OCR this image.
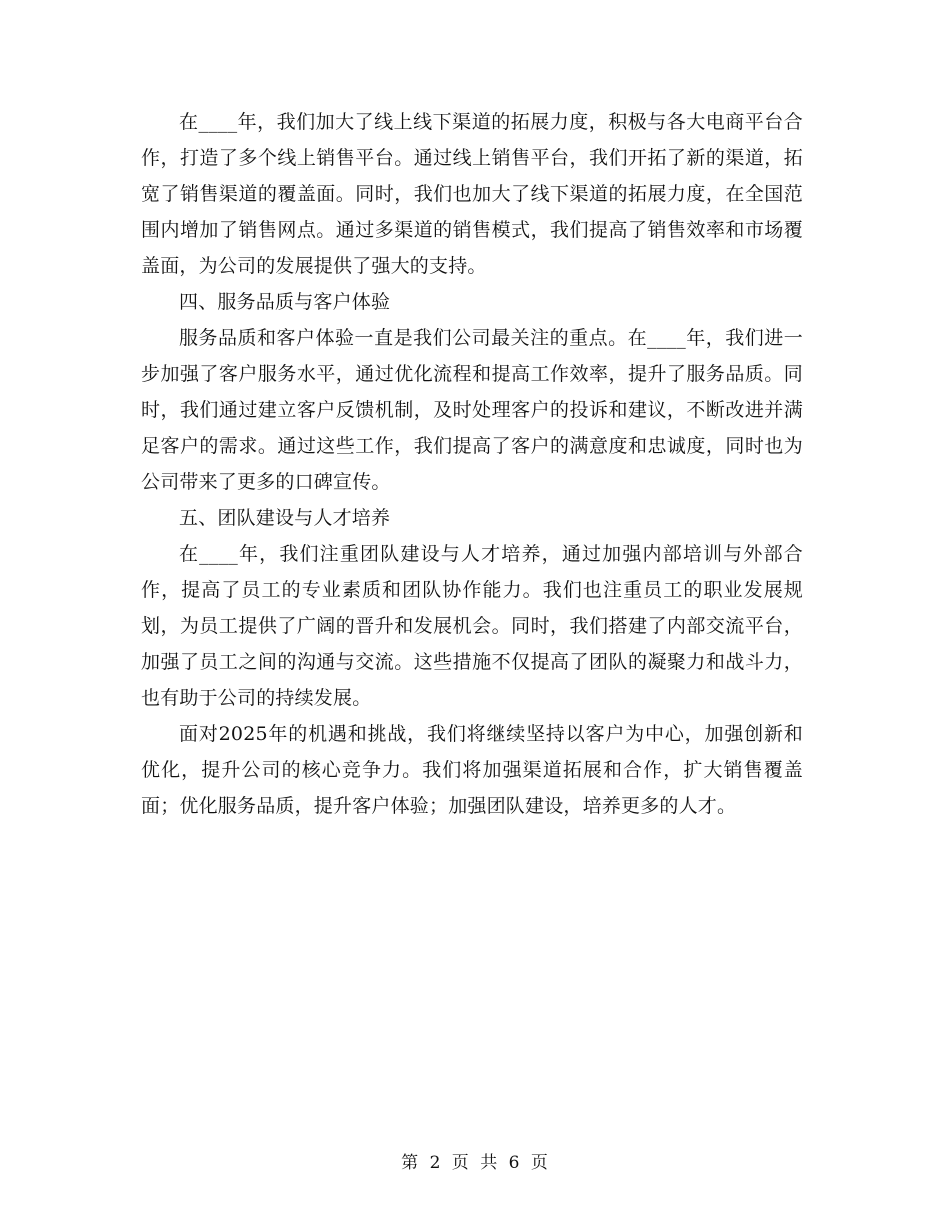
在____年，我们加大了线上线下渠道的拓展力度，积极与各大电商平台合作，打造了多个线上销售平台。通过线上销售平台，我们开拓了新的渠道，拓宽了销售渠道的覆盖面。同时，我们也加大了线下渠道的拓展力度，在全国范围内增加了销售网点。通过多渠道的销售模式，我们提高了销售效率和市场覆盖面，为公司的发展提供了强大的支持。

四、服务品质与客户体验

服务品质和客户体验一直是我们公司最关注的重点。在____年，我们进一步加强了客户服务水平，通过优化流程和提高工作效率，提升了服务品质。同时，我们通过建立客户反馈机制，及时处理客户的投诉和建议，不断改进并满足客户的需求。通过这些工作，我们提高了客户的满意度和忠诚度，同时也为公司带来了更多的口碑宣传。

五、团队建设与人才培养

在____年，我们注重团队建设与人才培养，通过加强内部培训与外部合作，提高了员工的专业素质和团队协作能力。我们也注重员工的职业发展规划，为员工提供了广阔的晋升和发展机会。同时，我们搭建了内部交流平台，加强了员工之间的沟通与交流。这些措施不仅提高了团队的凝聚力和战斗力，也有助于公司的持续发展。

面对2025年的机遇和挑战，我们将继续坚持以客户为中心，加强创新和优化，提升公司的核心竞争力。我们将加强渠道拓展和合作，扩大销售覆盖面；优化服务品质，提升客户体验；加强团队建设，培养更多的人才。

第 2 页 共 6 页
